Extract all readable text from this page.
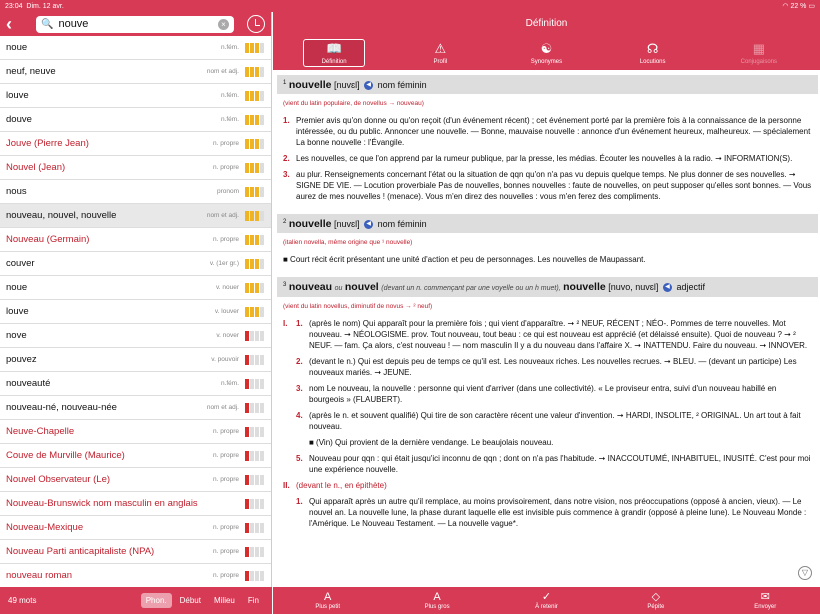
23:04
Dim. 12 avr.	◠
22 %
▭
‹	🔍 nouve	×
noue	n.fém.
neuf, neuve	nom et adj.
louve	n.fém.
douve	n.fém.
Jouve (Pierre Jean)	n. propre
Nouvel (Jean)	n. propre
nous	pronom
nouveau, nouvel, nouvelle	nom et adj.
Nouveau (Germain)	n. propre
couver	v. (1er gr.)
noue	v. nouer
louve	v. louver
nove	v. nover
pouvez	v. pouvoir
nouveauté	n.fém.
nouveau-né, nouveau-née	nom et adj.
Neuve-Chapelle	n. propre
Couve de Murville (Maurice)	n. propre
Nouvel Observateur (Le)	n. propre
Nouveau-Brunswick nom masculin en anglais
Nouveau-Mexique	n. propre
Nouveau Parti anticapitaliste (NPA)	n. propre
nouveau roman	n. propre
49 mots	Phon.	Début	Milieu	Fin
Définition
📖
Définition
⚠
Profil
☯
Synonymes
☊
Locutions
▦
Conjugaisons
$^1$ nouvelle [nuvɛl] ◀ nom féminin
(vient du latin populaire, de novellus → nouveau)
1. Premier avis qu'on donne ou qu'on reçoit (d'un événement récent) ; cet événement porté par la première fois à la connaissance de la personne intéressée, ou du public. Annoncer une nouvelle. — Bonne, mauvaise nouvelle : annonce d'un événement heureux, malheureux. — spécialement La bonne nouvelle : l'Évangile.
2. Les nouvelles, ce que l'on apprend par la rumeur publique, par la presse, les médias. Écouter les nouvelles à la radio. ➞ INFORMATION(S).
3. au plur. Renseignements concernant l'état ou la situation de qqn qu'on n'a pas vu depuis quelque temps. Ne plus donner de ses nouvelles. ➞ SIGNE DE VIE. — Locution proverbiale Pas de nouvelles, bonnes nouvelles : faute de nouvelles, on peut supposer qu'elles sont bonnes. — Vous aurez de mes nouvelles ! (menace). Vous m'en direz des nouvelles : vous m'en ferez des compliments.
$^2$ nouvelle [nuvɛl] ◀ nom féminin
(italien novella, même origine que ¹ nouvelle)
■ Court récit écrit présentant une unité d'action et peu de personnages. Les nouvelles de Maupassant.
$^3$ nouveau ou nouvel (devant un n. commençant par une voyelle ou un h muet), nouvelle [nuvo, nuvɛl] ◀ adjectif
(vient du latin novellus, diminutif de novus → ² neuf)
I.	1. (après le nom) Qui apparaît pour la première fois ; qui vient d'apparaître. ➞ ² NEUF, RÉCENT ; NÉO-. Pommes de terre nouvelles. Mot nouveau. ➞ NÉOLOGISME. prov. Tout nouveau, tout beau : ce qui est nouveau est apprécié (et délaissé ensuite). Quoi de nouveau ? ➞ ² NEUF. — fam. Ça alors, c'est nouveau ! — nom masculin Il y a du nouveau dans l'affaire X. ➞ INATTENDU. Faire du nouveau. ➞ INNOVER.
2. (devant le n.) Qui est depuis peu de temps ce qu'il est. Les nouveaux riches. Les nouvelles recrues. ➞ BLEU. — (devant un participe) Les nouveaux mariés. ➞ JEUNE.
3. nom Le nouveau, la nouvelle : personne qui vient d'arriver (dans une collectivité). « Le proviseur entra, suivi d'un nouveau habillé en bourgeois » (FLAUBERT).
4. (après le n. et souvent qualifié) Qui tire de son caractère récent une valeur d'invention. ➞ HARDI, INSOLITE, ² ORIGINAL. Un art tout à fait nouveau.
■ (Vin) Qui provient de la dernière vendange. Le beaujolais nouveau.
5. Nouveau pour qqn : qui était jusqu'ici inconnu de qqn ; dont on n'a pas l'habitude. ➞ INACCOUTUMÉ, INHABITUEL, INUSITÉ. C'est pour moi une expérience nouvelle.
II. (devant le n., en épithète)
1. Qui apparaît après un autre qu'il remplace, au moins provisoirement, dans notre vision, nos préoccupations (opposé à ancien, vieux). — Le nouvel an. La nouvelle lune, la phase durant laquelle elle est invisible puis commence à grandir (opposé à pleine lune). Le Nouveau Monde : l'Amérique. Le Nouveau Testament. — La nouvelle vague*.
▽
A
Plus petit
A
Plus gros
✓
À retenir
◇
Pépite
✉
Envoyer
